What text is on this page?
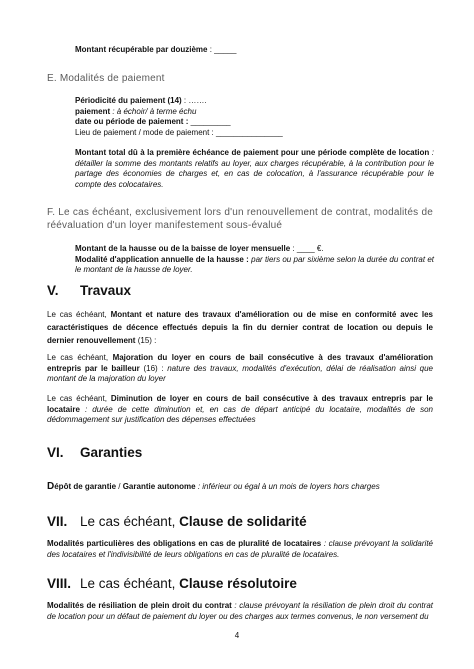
Montant récupérable par douzième : _____
E. Modalités de paiement
Périodicité du paiement (14) : …….
paiement : à échoir/ à terme échu
date ou période de paiement : _________
Lieu de paiement / mode de paiement : _______________
Montant total dû à la première échéance de paiement pour une période complète de location : détailler la somme des montants relatifs au loyer, aux charges récupérable, à la contribution pour le partage des économies de charges et, en cas de colocation, à l'assurance récupérable pour le compte des colocataires.
F. Le cas échéant, exclusivement lors d'un renouvellement de contrat, modalités de réévaluation d'un loyer manifestement sous-évalué
Montant de la hausse ou de la baisse de loyer mensuelle : ____ €.
Modalité d'application annuelle de la hausse : par tiers ou par sixième selon la durée du contrat et le montant de la hausse de loyer.
V. Travaux
Le cas échéant, Montant et nature des travaux d'amélioration ou de mise en conformité avec les caractéristiques de décence effectués depuis la fin du dernier contrat de location ou depuis le dernier renouvellement (15) :
Le cas échéant, Majoration du loyer en cours de bail consécutive à des travaux d'amélioration entrepris par le bailleur (16) : nature des travaux, modalités d'exécution, délai de réalisation ainsi que montant de la majoration du loyer
Le cas échéant, Diminution de loyer en cours de bail consécutive à des travaux entrepris par le locataire : durée de cette diminution et, en cas de départ anticipé du locataire, modalités de son dédommagement sur justification des dépenses effectuées
VI. Garanties
Dépôt de garantie / Garantie autonome : inférieur ou égal à un mois de loyers hors charges
VII. Le cas échéant, Clause de solidarité
Modalités particulières des obligations en cas de pluralité de locataires : clause prévoyant la solidarité des locataires et l'indivisibilité de leurs obligations en cas de pluralité de locataires.
VIII. Le cas échéant, Clause résolutoire
Modalités de résiliation de plein droit du contrat : clause prévoyant la résiliation de plein droit du contrat de location pour un défaut de paiement du loyer ou des charges aux termes convenus, le non versement du
4
